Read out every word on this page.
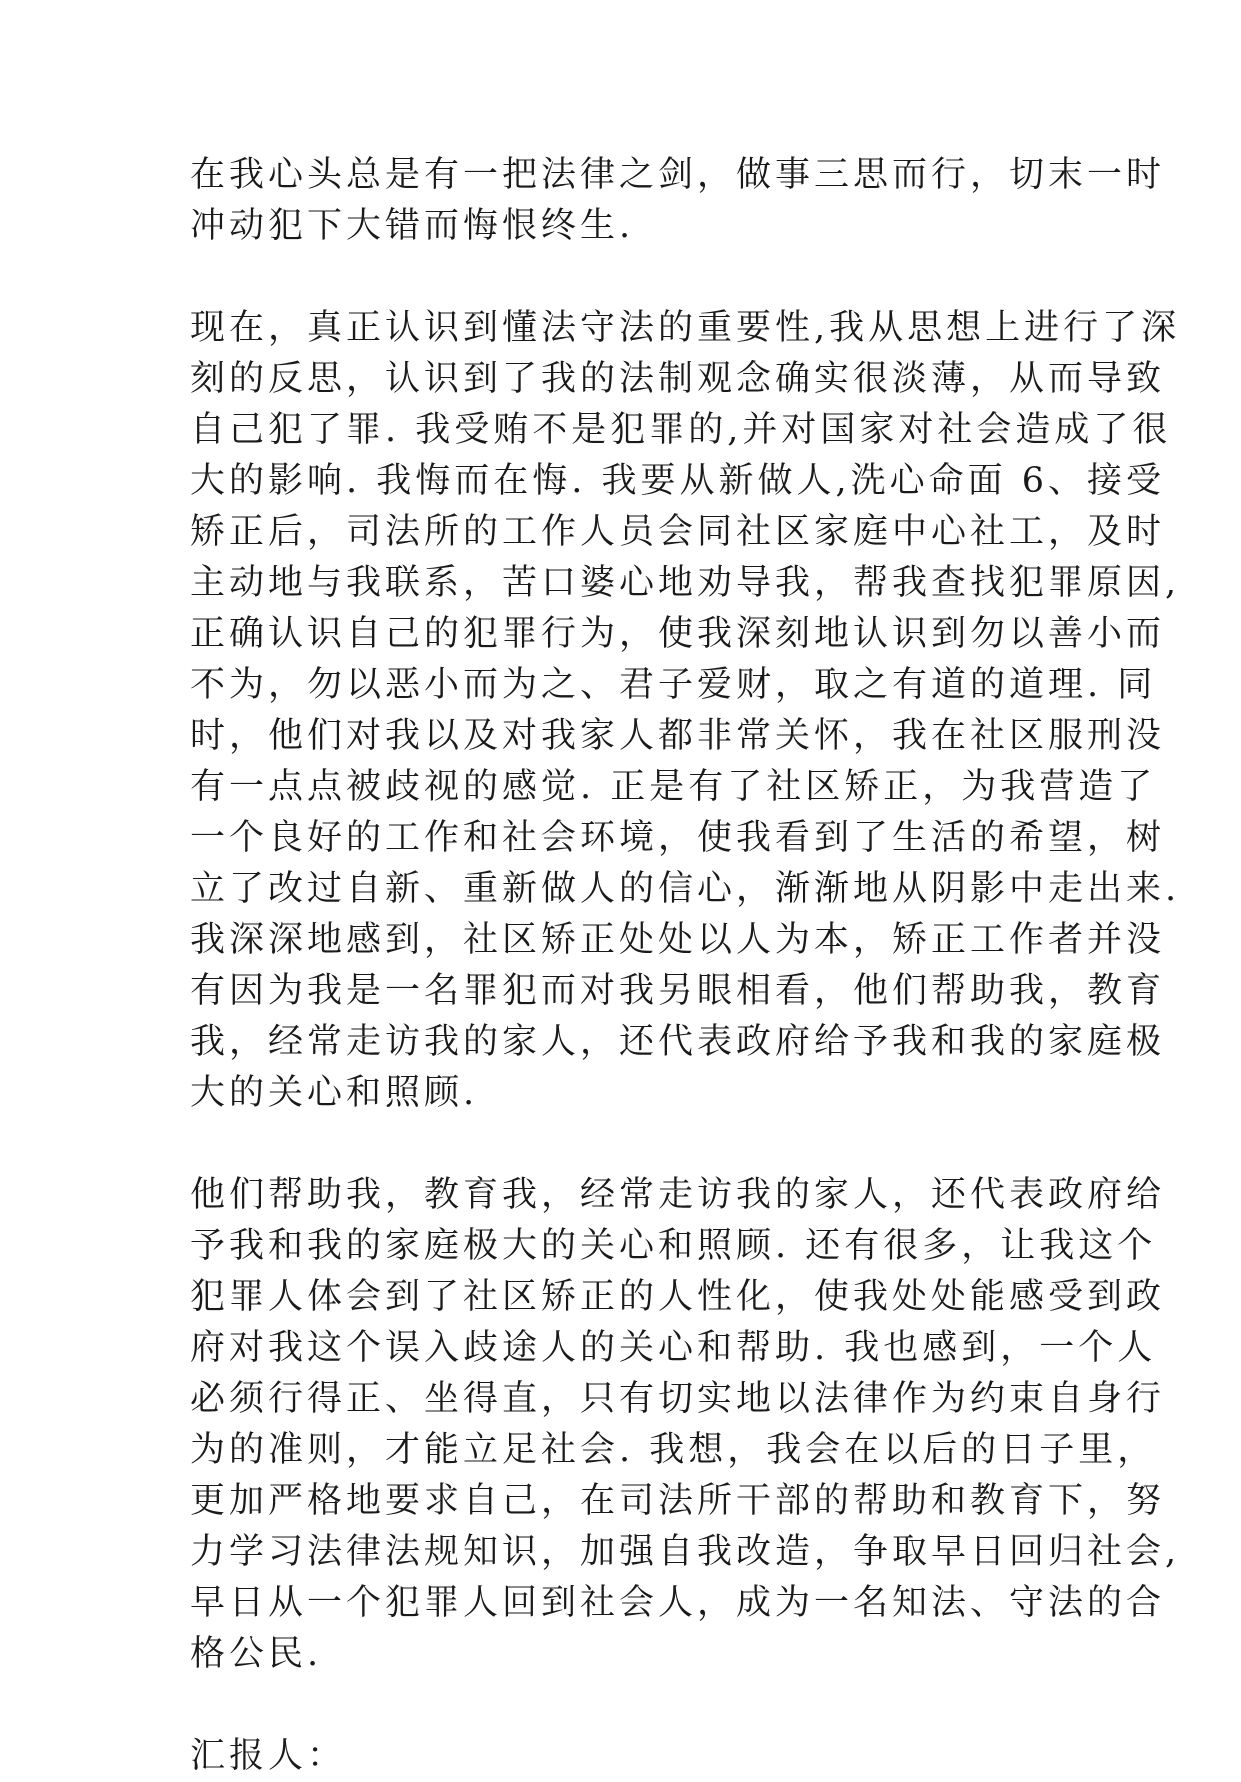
在我心头总是有一把法律之剑，做事三思而行，切末一时
冲动犯下大错而悔恨终生.
现在，真正认识到懂法守法的重要性,我从思想上进行了深
刻的反思，认识到了我的法制观念确实很淡薄，从而导致
自己犯了罪. 我受贿不是犯罪的,并对国家对社会造成了很
大的影响. 我悔而在悔. 我要从新做人,洗心命面 6、接受
矫正后，司法所的工作人员会同社区家庭中心社工，及时
主动地与我联系，苦口婆心地劝导我，帮我查找犯罪原因,
正确认识自己的犯罪行为，使我深刻地认识到勿以善小而
不为，勿以恶小而为之、君子爱财，取之有道的道理. 同
时，他们对我以及对我家人都非常关怀，我在社区服刑没
有一点点被歧视的感觉. 正是有了社区矫正，为我营造了
一个良好的工作和社会环境，使我看到了生活的希望，树
立了改过自新、重新做人的信心，渐渐地从阴影中走出来.
我深深地感到，社区矫正处处以人为本，矫正工作者并没
有因为我是一名罪犯而对我另眼相看，他们帮助我，教育
我，经常走访我的家人，还代表政府给予我和我的家庭极
大的关心和照顾.
他们帮助我，教育我，经常走访我的家人，还代表政府给
予我和我的家庭极大的关心和照顾. 还有很多，让我这个
犯罪人体会到了社区矫正的人性化，使我处处能感受到政
府对我这个误入歧途人的关心和帮助. 我也感到，一个人
必须行得正、坐得直，只有切实地以法律作为约束自身行
为的准则，才能立足社会. 我想，我会在以后的日子里，
更加严格地要求自己，在司法所干部的帮助和教育下，努
力学习法律法规知识，加强自我改造，争取早日回归社会,
早日从一个犯罪人回到社会人，成为一名知法、守法的合
格公民.
汇报人：
